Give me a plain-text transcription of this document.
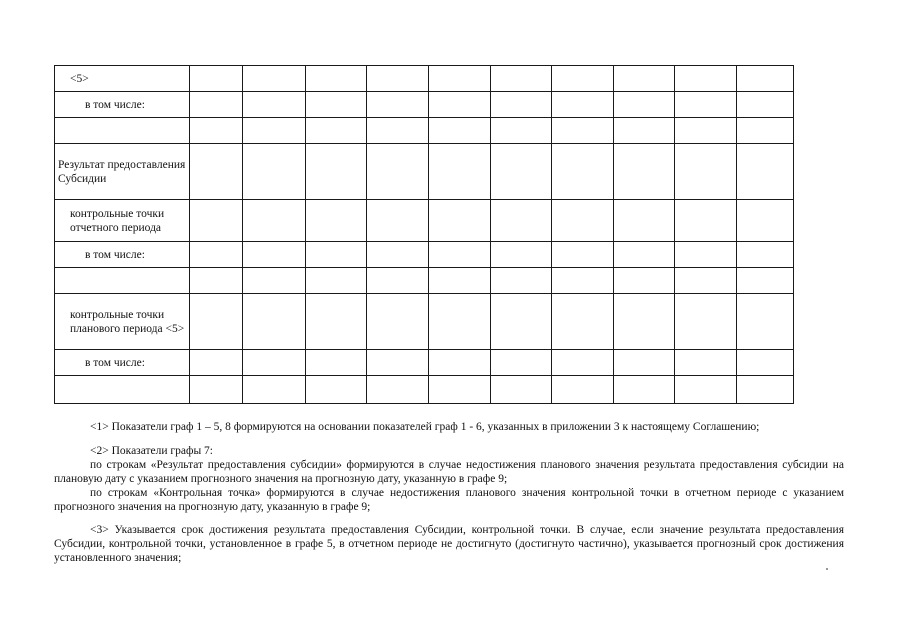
<5>										
в том числе:										

Результат предоставления Субсидии										
контрольные точки отчетного периода										
в том числе:										

контрольные точки планового периода <5>										
в том числе:										

<1> Показатели граф 1 – 5, 8 формируются на основании показателей граф 1 - 6, указанных в приложении 3 к настоящему Соглашению;

<2> Показатели графы 7:

по строкам «Результат предоставления субсидии» формируются в случае недостижения планового значения результата предоставления субсидии на плановую дату с указанием прогнозного значения на прогнозную дату, указанную в графе 9;

по строкам «Контрольная точка» формируются в случае недостижения планового значения контрольной точки в отчетном периоде с указанием прогнозного значения на прогнозную дату, указанную в графе 9;

<3> Указывается срок достижения результата предоставления Субсидии, контрольной точки. В случае, если значение результата предоставления Субсидии, контрольной точки, установленное в графе 5, в отчетном периоде не достигнуто (достигнуто частично), указывается прогнозный срок достижения установленного значения;
